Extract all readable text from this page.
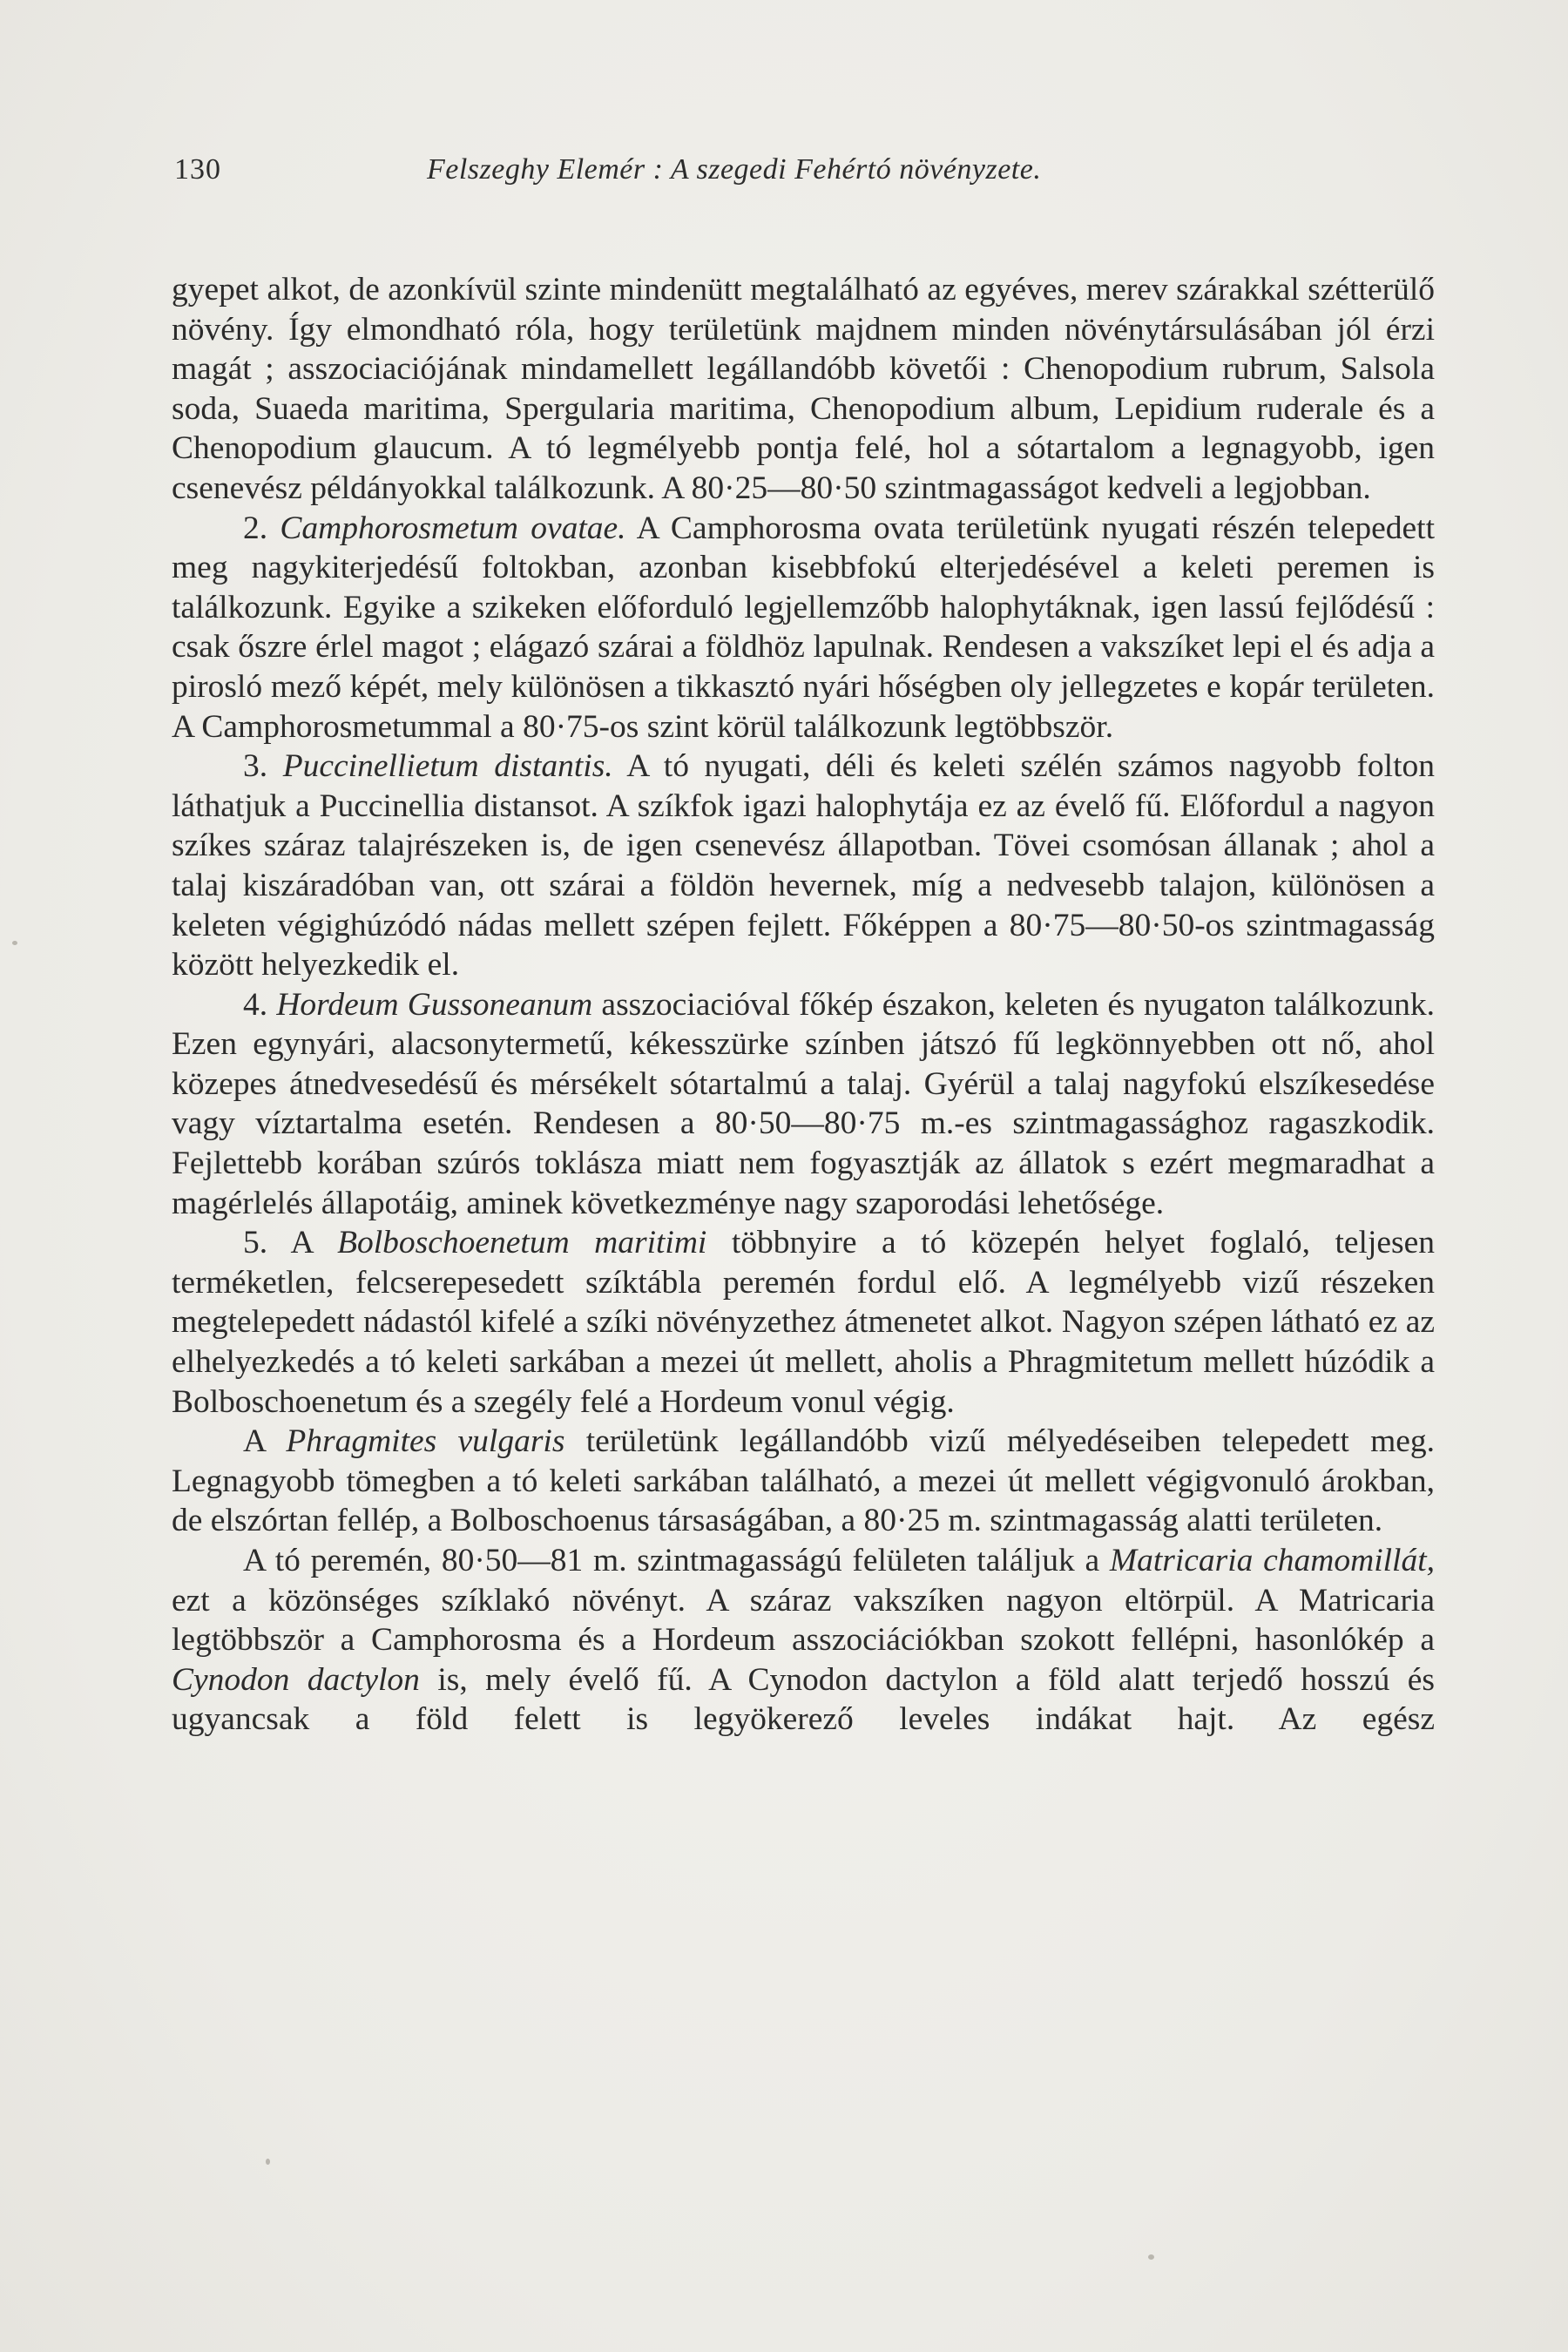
130	Felszeghy Elemér : A szegedi Fehértó növényzete.

gyepet alkot, de azonkívül szinte mindenütt megtalálható az egyéves, merev szárakkal szétterülő növény. Így elmondható róla, hogy területünk majdnem minden növénytársulásában jól érzi magát ; asszociaciójának mindamellett legállandóbb követői : Chenopodium rubrum, Salsola soda, Suaeda maritima, Spergularia maritima, Chenopodium album, Lepidium ruderale és a Chenopodium glaucum. A tó legmélyebb pontja felé, hol a sótartalom a legnagyobb, igen csenevész példányokkal találkozunk. A 80·25—80·50 szintmagasságot kedveli a legjobban.

2. Camphorosmetum ovatae. A Camphorosma ovata területünk nyugati részén telepedett meg nagykiterjedésű foltokban, azonban kisebbfokú elterjedésével a keleti peremen is találkozunk. Egyike a szikeken előforduló legjellemzőbb halophytáknak, igen lassú fejlődésű : csak őszre érlel magot ; elágazó szárai a földhöz lapulnak. Rendesen a vakszíket lepi el és adja a pirosló mező képét, mely különösen a tikkasztó nyári hőségben oly jellegzetes e kopár területen. A Camphorosmetummal a 80·75-os szint körül találkozunk legtöbbször.

3. Puccinellietum distantis. A tó nyugati, déli és keleti szélén számos nagyobb folton láthatjuk a Puccinellia distansot. A szíkfok igazi halophytája ez az évelő fű. Előfordul a nagyon szíkes száraz talajrészeken is, de igen csenevész állapotban. Tövei csomósan állanak ; ahol a talaj kiszáradóban van, ott szárai a földön hevernek, míg a nedvesebb talajon, különösen a keleten végighúzódó nádas mellett szépen fejlett. Főképpen a 80·75—80·50-os szintmagasság között helyezkedik el.

4. Hordeum Gussoneanum asszociacióval főkép északon, keleten és nyugaton találkozunk. Ezen egynyári, alacsonytermetű, kékesszürke színben játszó fű legkönnyebben ott nő, ahol közepes átnedvesedésű és mérsékelt sótartalmú a talaj. Gyérül a talaj nagyfokú elszíkesedése vagy víztartalma esetén. Rendesen a 80·50—80·75 m.-es szintmagassághoz ragaszkodik. Fejlettebb korában szúrós toklásza miatt nem fogyasztják az állatok s ezért megmaradhat a magérlelés állapotáig, aminek következménye nagy szaporodási lehetősége.

5. A Bolboschoenetum maritimi többnyire a tó közepén helyet foglaló, teljesen terméketlen, felcserepesedett szíktábla peremén fordul elő. A legmélyebb vizű részeken megtelepedett nádastól kifelé a szíki növényzethez átmenetet alkot. Nagyon szépen látható ez az elhelyezkedés a tó keleti sarkában a mezei út mellett, aholis a Phragmitetum mellett húzódik a Bolboschoenetum és a szegély felé a Hordeum vonul végig.

A Phragmites vulgaris területünk legállandóbb vizű mélyedéseiben telepedett meg. Legnagyobb tömegben a tó keleti sarkában található, a mezei út mellett végigvonuló árokban, de elszórtan fellép, a Bolboschoenus társaságában, a 80·25 m. szintmagasság alatti területen.

A tó peremén, 80·50—81 m. szintmagasságú felületen találjuk a Matricaria chamomillát, ezt a közönséges szíklakó növényt. A száraz vakszíken nagyon eltörpül. A Matricaria legtöbbször a Camphorosma és a Hordeum asszociációkban szokott fellépni, hasonlókép a Cynodon dactylon is, mely évelő fű. A Cynodon dactylon a föld alatt terjedő hosszú és ugyancsak a föld felett is legyökerező leveles indákat hajt. Az egész
